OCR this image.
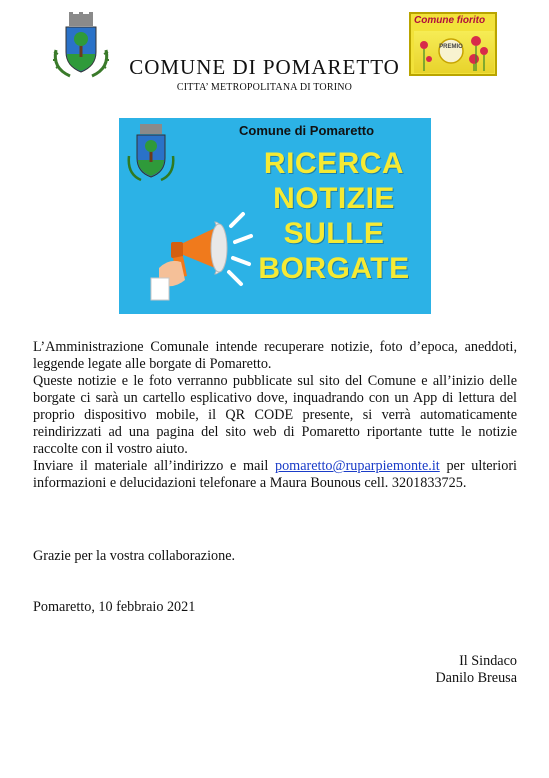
Comune fiorito
PREMIO
COMUNE DI POMARETTO
CITTA’ METROPOLITANA DI TORINO
Comune di Pomaretto
RICERCA
NOTIZIE
SULLE
BORGATE

L’Amministrazione Comunale intende recuperare notizie, foto d’epoca, aneddoti, leggende legate alle borgate di Pomaretto.

Queste notizie e le foto verranno pubblicate sul sito del Comune e all’inizio delle borgate ci sarà un cartello esplicativo dove, inquadrando con un App di lettura del proprio dispositivo mobile, il QR CODE presente, si verrà automaticamente reindirizzati ad una pagina del sito web di Pomaretto riportante tutte le notizie raccolte con il vostro aiuto.

Inviare il materiale all’indirizzo e mail pomaretto@ruparpiemonte.it per ulteriori informazioni e delucidazioni telefonare a Maura Bounous cell. 3201833725.

Grazie per la vostra collaborazione.
Pomaretto, 10 febbraio 2021
Il Sindaco
Danilo Breusa
